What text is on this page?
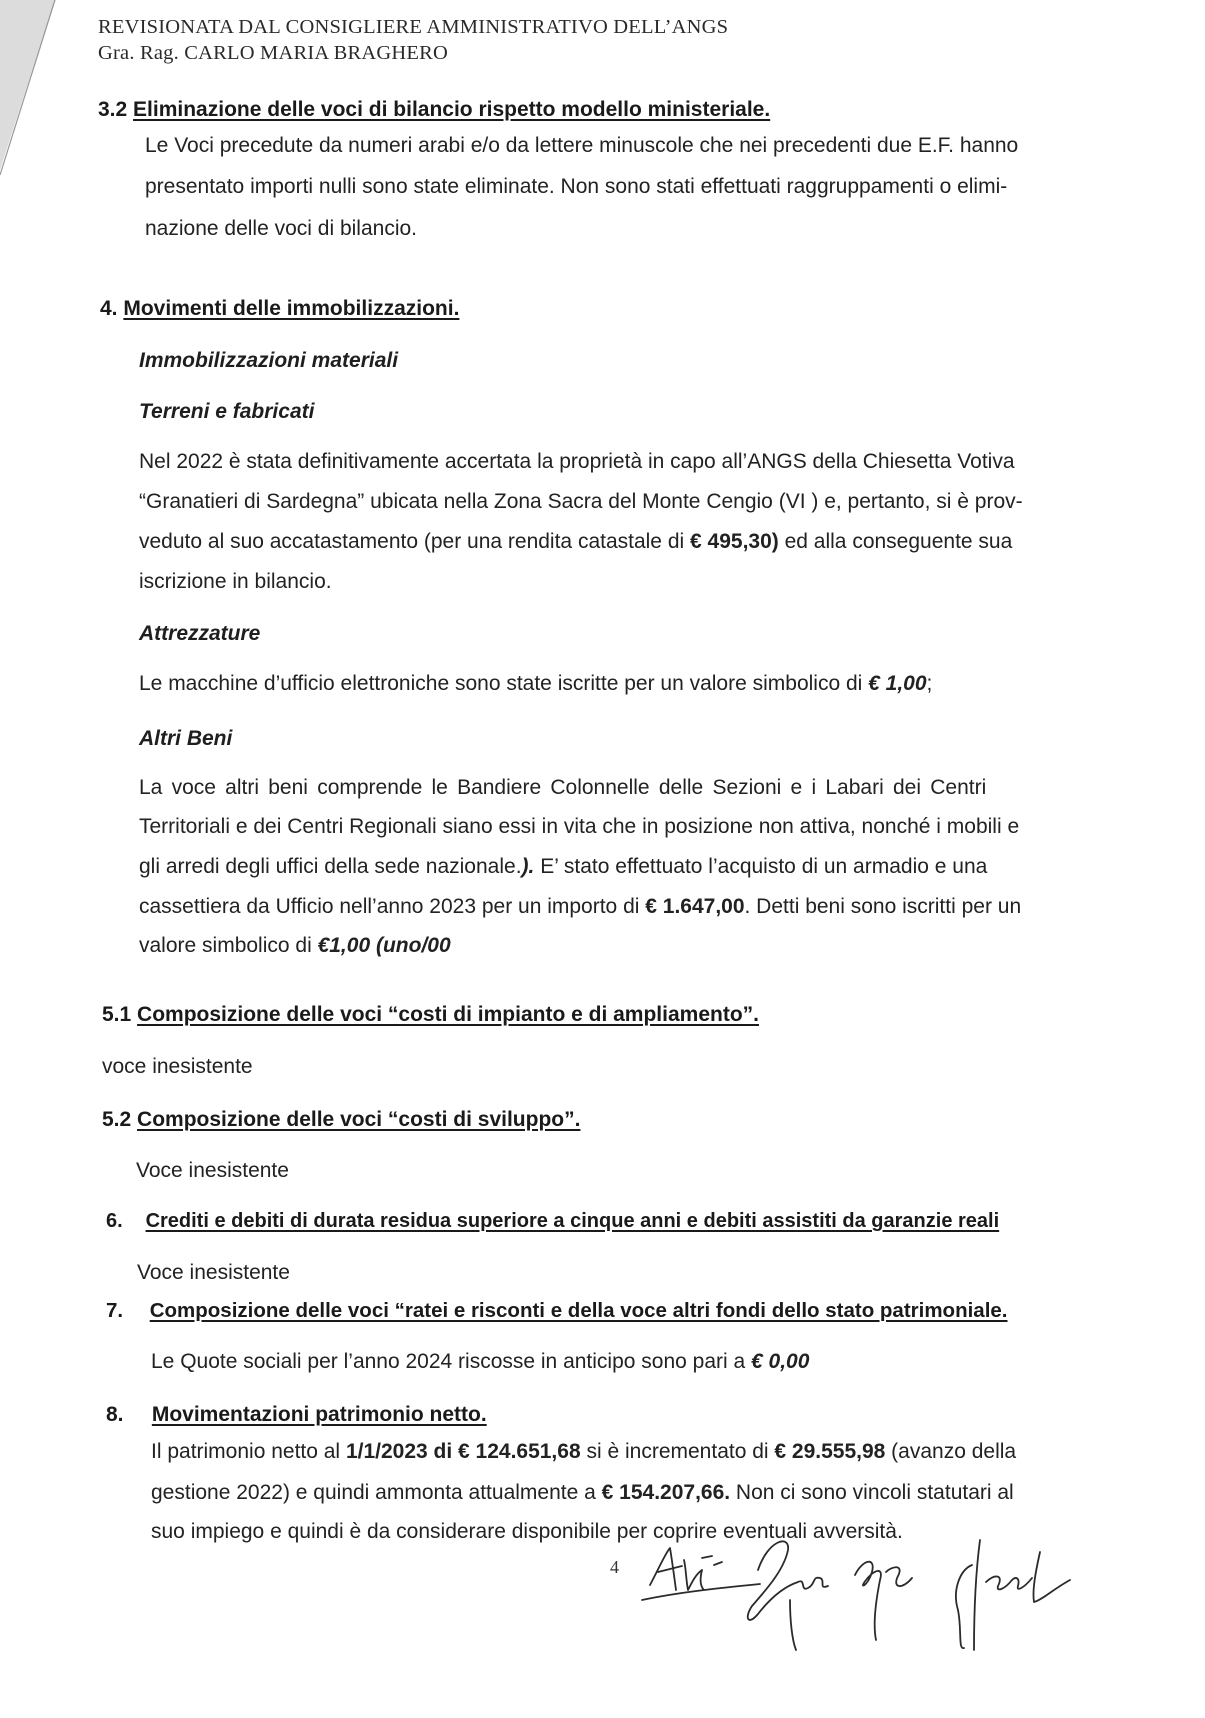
REVISIONATA DAL CONSIGLIERE AMMINISTRATIVO DELL’ANGS
Gra. Rag. CARLO MARIA BRAGHERO
3.2 Eliminazione delle voci di bilancio rispetto modello ministeriale.
Le Voci precedute da numeri arabi e/o da lettere minuscole che nei precedenti due E.F. hanno
presentato importi nulli sono state eliminate. Non sono stati effettuati raggruppamenti o elimi-
nazione delle voci di bilancio.
4. Movimenti delle immobilizzazioni.
Immobilizzazioni materiali
Terreni e fabricati
Nel 2022 è stata definitivamente accertata la proprietà in capo all’ANGS della Chiesetta Votiva
“Granatieri di Sardegna” ubicata nella Zona Sacra del Monte Cengio (VI ) e, pertanto, si è prov-
veduto al suo accatastamento (per una rendita catastale di € 495,30) ed alla conseguente sua
iscrizione in bilancio.
Attrezzature
Le macchine d’ufficio elettroniche sono state iscritte per un valore simbolico di € 1,00;
Altri Beni
La voce altri beni comprende le Bandiere Colonnelle delle Sezioni e i Labari dei Centri
Territoriali e dei Centri Regionali siano essi in vita che in posizione non attiva, nonché i mobili e
gli arredi degli uffici della sede nazionale.). E’ stato effettuato l’acquisto di un armadio e una
cassettiera da Ufficio nell’anno 2023 per un importo di € 1.647,00. Detti beni sono iscritti per un
valore simbolico di €1,00 (uno/00
5.1 Composizione delle voci “costi di impianto e di ampliamento”.
voce inesistente
5.2 Composizione delle voci “costi di sviluppo”.
Voce inesistente
6. Crediti e debiti di durata residua superiore a cinque anni e debiti assistiti da garanzie reali
Voce inesistente
7. Composizione delle voci “ratei e risconti e della voce altri fondi dello stato patrimoniale.
Le Quote sociali per l’anno 2024 riscosse in anticipo sono pari a € 0,00
8. Movimentazioni patrimonio netto.
Il patrimonio netto al 1/1/2023 di € 124.651,68 si è incrementato di € 29.555,98 (avanzo della
gestione 2022) e quindi ammonta attualmente a € 154.207,66. Non ci sono vincoli statutari al
suo impiego e quindi è da considerare disponibile per coprire eventuali avversità.
4
